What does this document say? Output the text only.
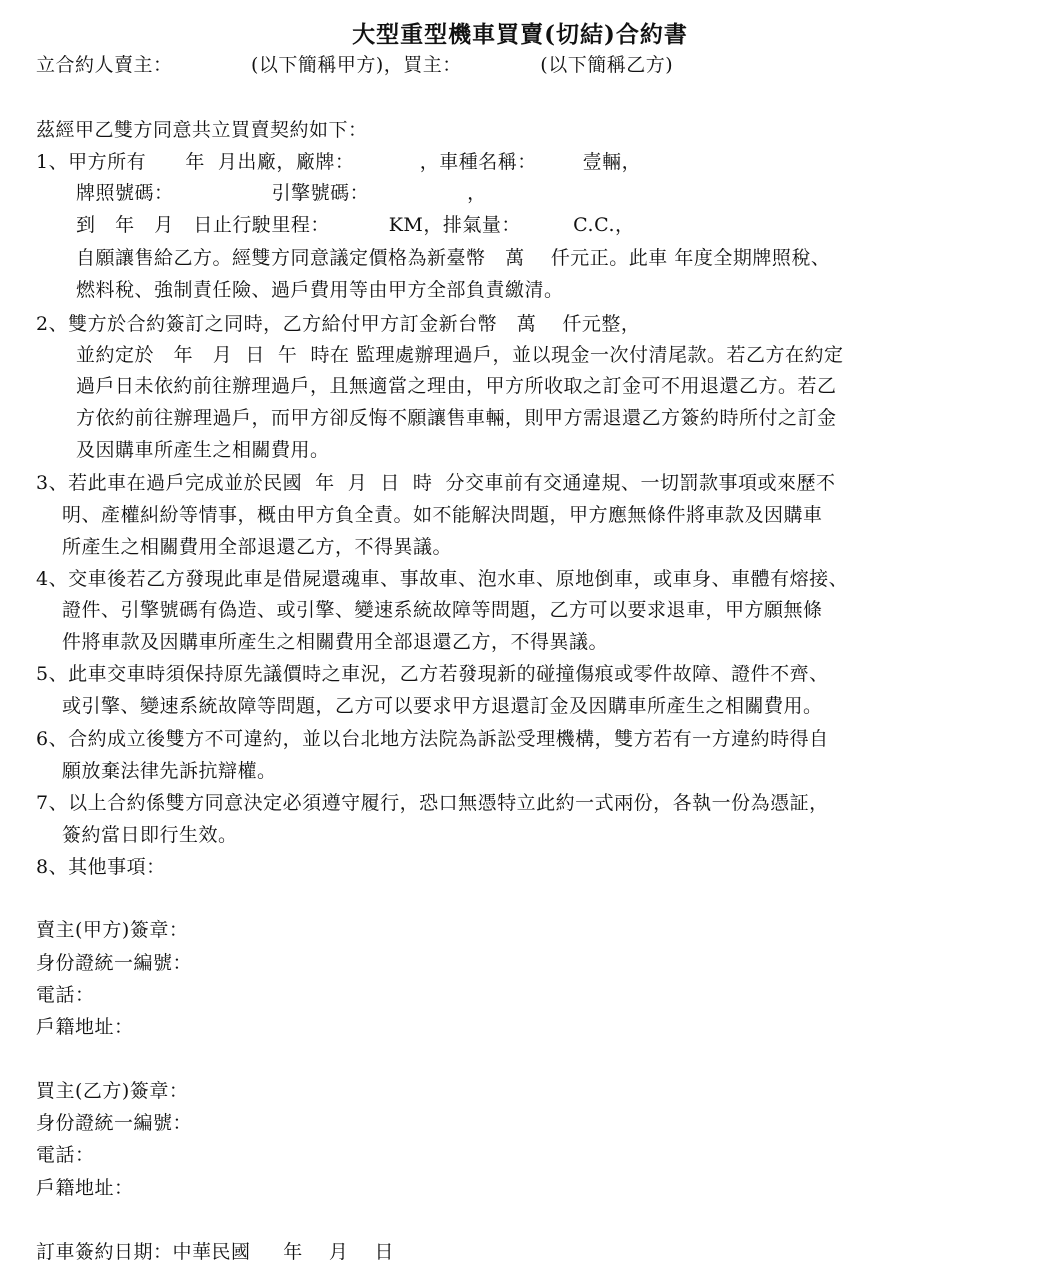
大型重型機車買賣(切結)合約書
立合約人賣主：            (以下簡稱甲方)，買主：            (以下簡稱乙方)
茲經甲乙雙方同意共立買賣契約如下：
1、甲方所有      年  月出廠，廠牌：          ，車種名稱：       壹輛，
牌照號碼：               引擎號碼：               ，
到   年   月   日止行駛里程：         KM，排氣量：        C.C.，
自願讓售給乙方。經雙方同意議定價格為新臺幣   萬    仟元正。此車 年度全期牌照稅、
燃料稅、強制責任險、過戶費用等由甲方全部負責繳清。
2、雙方於合約簽訂之同時，乙方給付甲方訂金新台幣   萬    仟元整，
並約定於   年   月  日  午  時在 監理處辦理過戶，並以現金一次付清尾款。若乙方在約定
過戶日未依約前往辦理過戶，且無適當之理由，甲方所收取之訂金可不用退還乙方。若乙
方依約前往辦理過戶，而甲方卻反悔不願讓售車輛，則甲方需退還乙方簽約時所付之訂金
及因購車所產生之相關費用。
3、若此車在過戶完成並於民國  年  月  日  時  分交車前有交通違規、一切罰款事項或來歷不
明、產權糾紛等情事，概由甲方負全責。如不能解決問題，甲方應無條件將車款及因購車
所產生之相關費用全部退還乙方，不得異議。
4、交車後若乙方發現此車是借屍還魂車、事故車、泡水車、原地倒車，或車身、車體有熔接、
證件、引擎號碼有偽造、或引擎、變速系統故障等問題，乙方可以要求退車，甲方願無條
件將車款及因購車所產生之相關費用全部退還乙方，不得異議。
5、此車交車時須保持原先議價時之車況，乙方若發現新的碰撞傷痕或零件故障、證件不齊、
或引擎、變速系統故障等問題，乙方可以要求甲方退還訂金及因購車所產生之相關費用。
6、合約成立後雙方不可違約，並以台北地方法院為訴訟受理機構，雙方若有一方違約時得自
願放棄法律先訴抗辯權。
7、以上合約係雙方同意決定必須遵守履行，恐口無憑特立此約一式兩份，各執一份為憑証，
簽約當日即行生效。
8、其他事項：
賣主(甲方)簽章：
身份證統一編號：
電話：
戶籍地址：
買主(乙方)簽章：
身份證統一編號：
電話：
戶籍地址：
訂車簽約日期：中華民國     年    月    日
